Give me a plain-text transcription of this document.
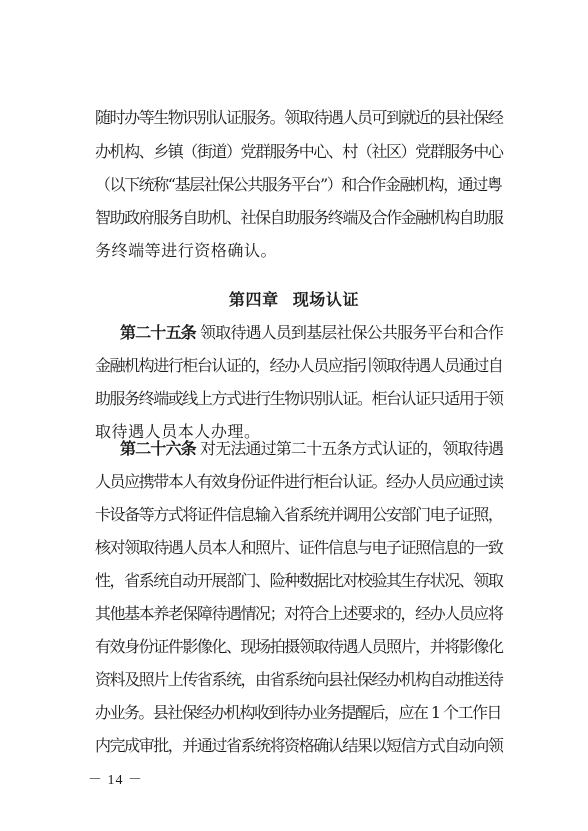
随时办等生物识别认证服务。领取待遇人员可到就近的县社保经
办机构、乡镇（街道）党群服务中心、村（社区）党群服务中心
（以下统称“基层社保公共服务平台”）和合作金融机构，通过粤
智助政府服务自助机、社保自助服务终端及合作金融机构自助服
务终端等进行资格确认。
第四章 现场认证
第二十五条 领取待遇人员到基层社保公共服务平台和合作
金融机构进行柜台认证的，经办人员应指引领取待遇人员通过自
助服务终端或线上方式进行生物识别认证。柜台认证只适用于领
取待遇人员本人办理。
第二十六条 对无法通过第二十五条方式认证的，领取待遇
人员应携带本人有效身份证件进行柜台认证。经办人员应通过读
卡设备等方式将证件信息输入省系统并调用公安部门电子证照，
核对领取待遇人员本人和照片、证件信息与电子证照信息的一致
性，省系统自动开展部门、险种数据比对校验其生存状况、领取
其他基本养老保障待遇情况；对符合上述要求的，经办人员应将
有效身份证件影像化、现场拍摄领取待遇人员照片，并将影像化
资料及照片上传省系统，由省系统向县社保经办机构自动推送待
办业务。县社保经办机构收到待办业务提醒后，应在 1 个工作日
内完成审批，并通过省系统将资格确认结果以短信方式自动向领
－ 14 －
